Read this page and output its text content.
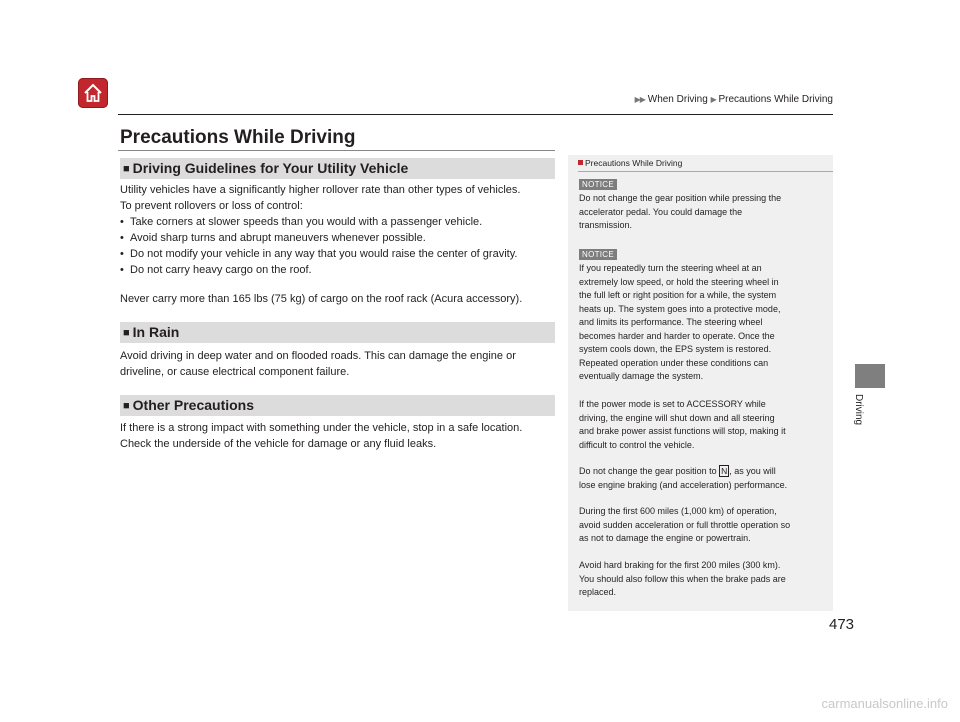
▶▶ When Driving ▶ Precautions While Driving
Precautions While Driving
■ Driving Guidelines for Your Utility Vehicle

Utility vehicles have a significantly higher rollover rate than other types of vehicles.

To prevent rollovers or loss of control:

• Take corners at slower speeds than you would with a passenger vehicle.

• Avoid sharp turns and abrupt maneuvers whenever possible.

• Do not modify your vehicle in any way that you would raise the center of gravity.

• Do not carry heavy cargo on the roof.

Never carry more than 165 lbs (75 kg) of cargo on the roof rack (Acura accessory).

■ In Rain

Avoid driving in deep water and on flooded roads. This can damage the engine or

driveline, or cause electrical component failure.

■ Other Precautions

If there is a strong impact with something under the vehicle, stop in a safe location.

Check the underside of the vehicle for damage or any fluid leaks.

Precautions While Driving
NOTICE

Do not change the gear position while pressing the

accelerator pedal. You could damage the

transmission.

NOTICE

If you repeatedly turn the steering wheel at an

extremely low speed, or hold the steering wheel in

the full left or right position for a while, the system

heats up. The system goes into a protective mode,

and limits its performance. The steering wheel

becomes harder and harder to operate. Once the

system cools down, the EPS system is restored.

Repeated operation under these conditions can

eventually damage the system.

If the power mode is set to ACCESSORY while

driving, the engine will shut down and all steering

and brake power assist functions will stop, making it

difficult to control the vehicle.

Do not change the gear position to N , as you will

lose engine braking (and acceleration) performance.

During the first 600 miles (1,000 km) of operation,

avoid sudden acceleration or full throttle operation so

as not to damage the engine or powertrain.

Avoid hard braking for the first 200 miles (300 km).

You should also follow this when the brake pads are

replaced.

Driving
473
carmanualsonline.info
